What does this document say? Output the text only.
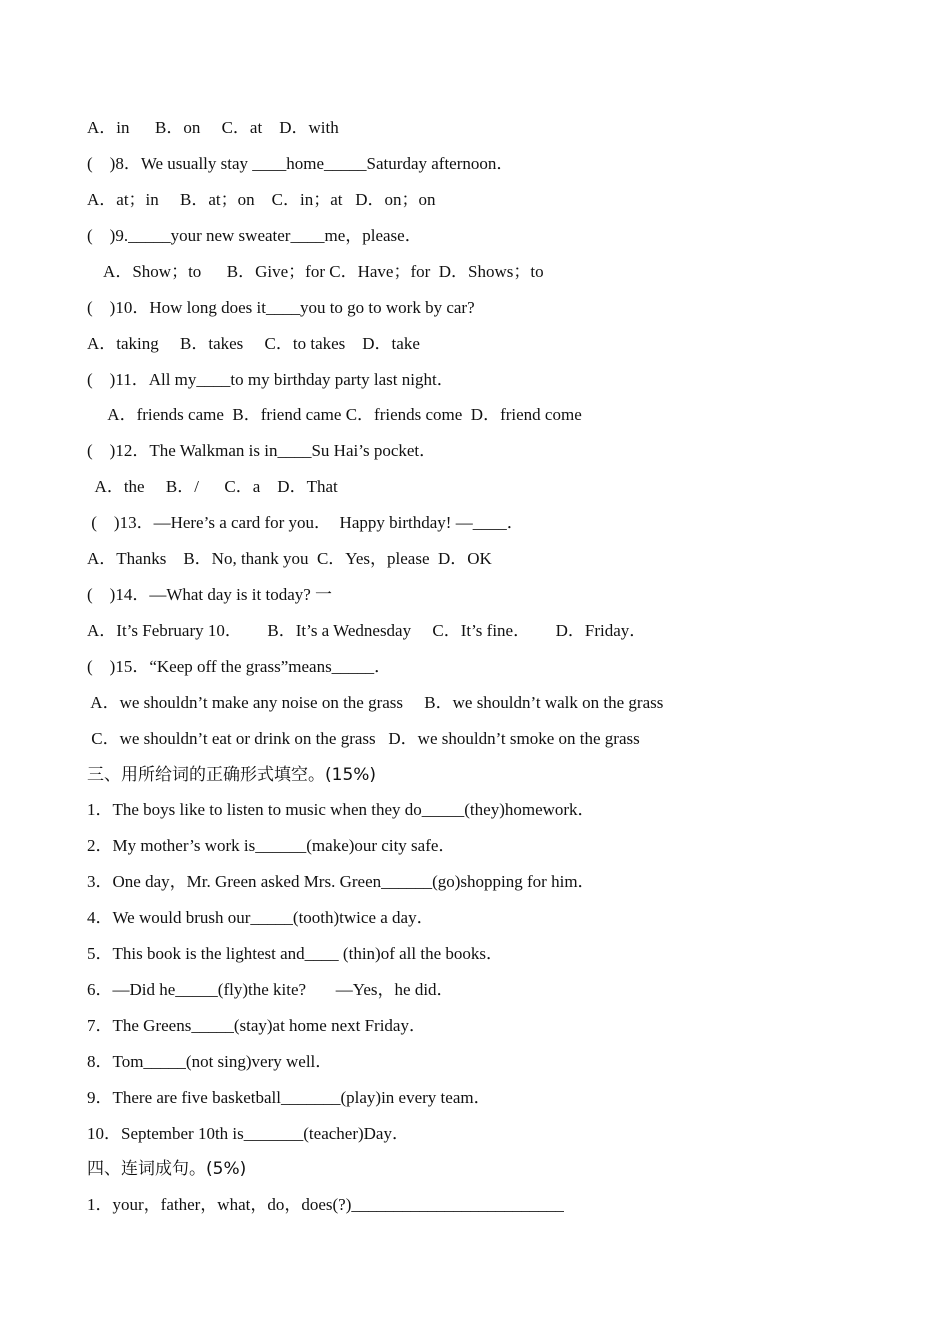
A．in      B．on     C．at    D．with
(    )8．We usually stay ____home_____Saturday afternoon．
A．at；in     B．at；on    C．in；at   D．on；on
(    )9._____your new sweater____me，please．
A．Show；to      B．Give；for C．Have；for  D．Shows；to
(    )10．How long does it____you to go to work by car?
A．taking     B．takes     C．to takes    D．take
(    )11．All my____to my birthday party last night．
A．friends came  B．friend came C．friends come  D．friend come
(    )12．The Walkman is in____Su Hai’s pocket．
A．the     B．/      C．a    D．That
(    )13．—Here’s a card for you．  Happy birthday! —____．
A．Thanks    B．No, thank you  C．Yes，please  D．OK
(    )14．—What day is it today? 一
A．It’s February 10．      B．It’s a Wednesday     C．It’s fine．      D．Friday．
(    )15．“Keep off the grass”means_____．
A．we shouldn’t make any noise on the grass     B．we shouldn’t walk on the grass
C．we shouldn’t eat or drink on the grass   D．we shouldn’t smoke on the grass
三、用所给词的正确形式填空。(15%)
1．The boys like to listen to music when they do_____(they)homework．
2．My mother’s work is______(make)our city safe．
3．One day，Mr. Green asked Mrs. Green______(go)shopping for him．
4．We would brush our_____(tooth)twice a day．
5．This book is the lightest and____ (thin)of all the books．
6．—Did he_____(fly)the kite?       —Yes，he did．
7．The Greens_____(stay)at home next Friday．
8．Tom_____(not sing)very well．
9．There are five basketball_______(play)in every team．
10．September 10th is_______(teacher)Day．
四、连词成句。(5%)
1．your，father，what，do，does(?)_________________________
